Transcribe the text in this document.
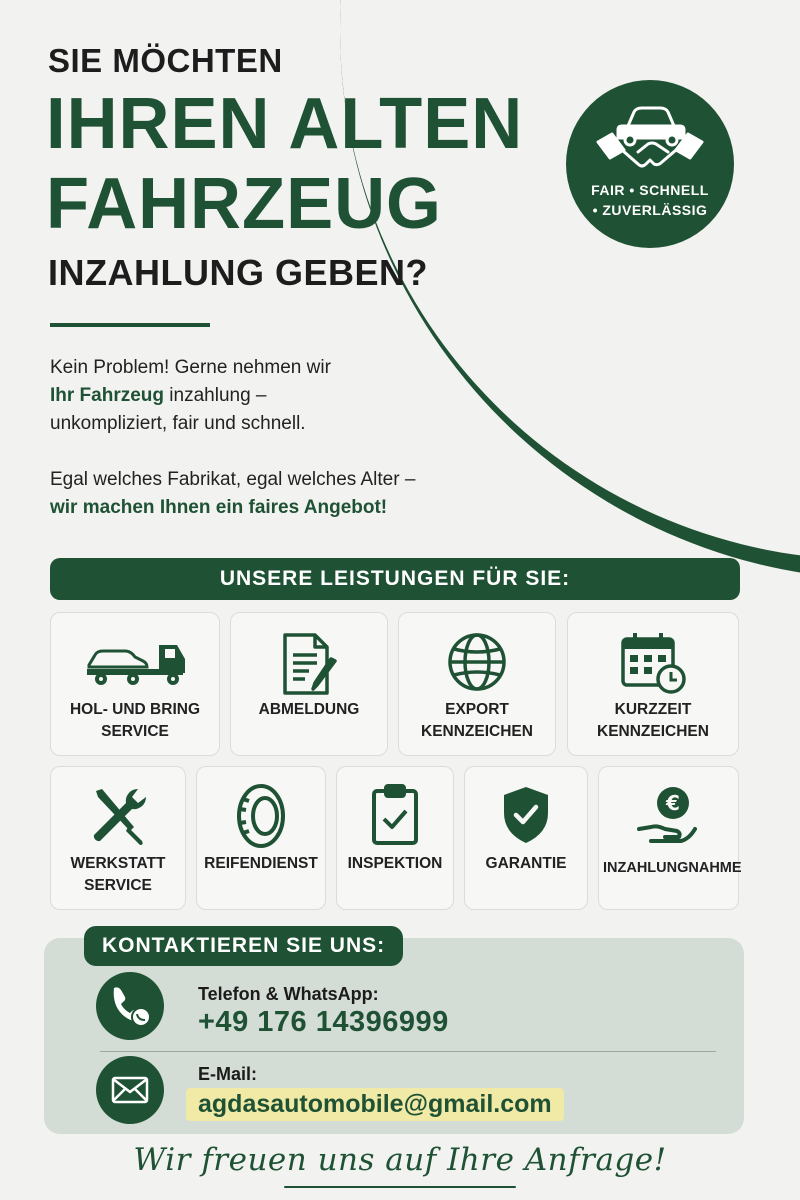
SIE MÖCHTEN
IHREN ALTEN
FAHRZEUG
INZAHLUNG GEBEN?
FAIR • SCHNELL
• ZUVERLÄSSIG
Kein Problem! Gerne nehmen wir
Ihr Fahrzeug inzahlung –
unkompliziert, fair und schnell.
Egal welches Fabrikat, egal welches Alter –
wir machen Ihnen ein faires Angebot!
UNSERE LEISTUNGEN FÜR SIE:
HOL- UND BRING
SERVICE
ABMELDUNG	EXPORT
KENNZEICHEN
KURZZEIT
KENNZEICHEN
WERKSTATT
SERVICE
REIFENDIENST	INSPEKTION	GARANTIE
€
INZAHLUNGNAHME
KONTAKTIEREN SIE UNS:
Telefon & WhatsApp:
+49 176 14396999
E-Mail:
agdasautomobile@gmail.com
Wir freuen uns auf Ihre Anfrage!
